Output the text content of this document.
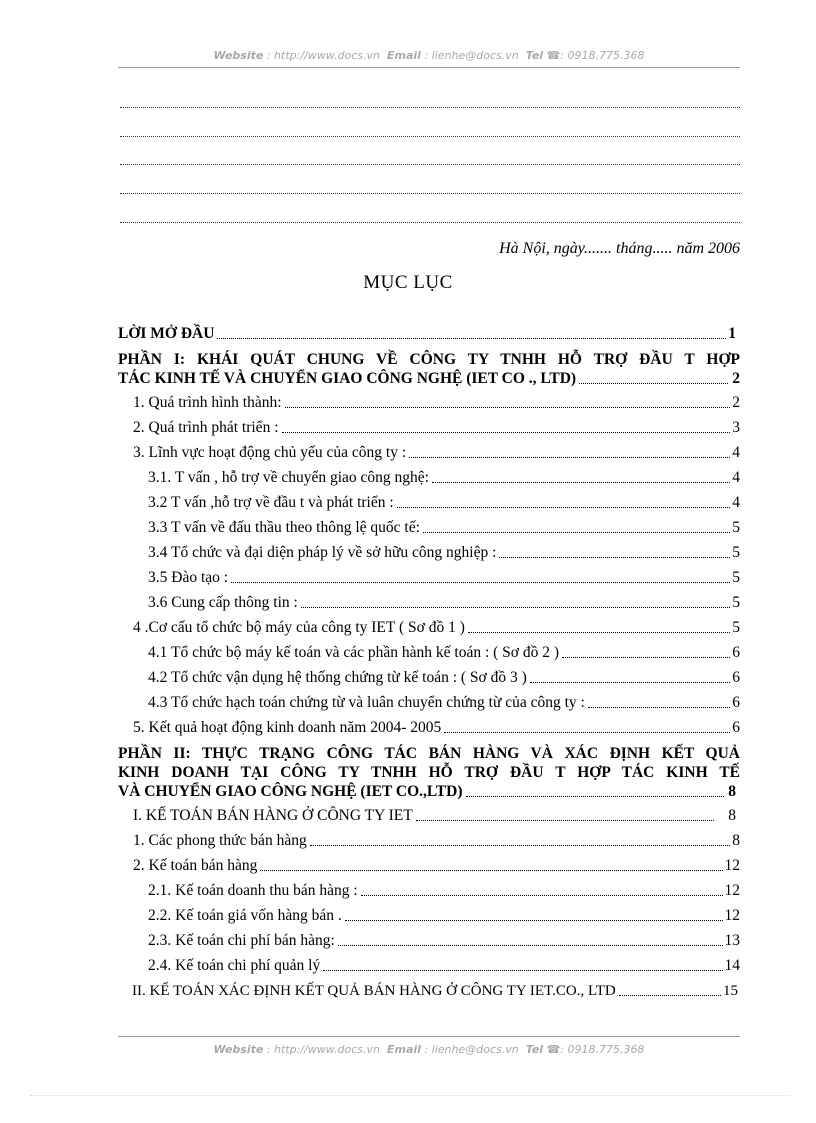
Website : http://www.docs.vn Email : lienhe@docs.vn Tel ☎: 0918.775.368
Hà Nội, ngày....... tháng..... năm 2006
MỤC LỤC
LỜI MỞ ĐẦU	1
PHẦN I: KHÁI QUÁT CHUNG VỀ CÔNG TY TNHH HỖ TRỢ ĐẦU T HỢP
TÁC KINH TẾ VÀ CHUYỂN GIAO CÔNG NGHỆ (IET CO ., LTD)	2
1. Quá trình hình thành:	2
2. Quá trình phát triển :	3
3. Lĩnh vực hoạt động chủ yếu của công ty :	4
3.1. T vấn , hỗ trợ về chuyển giao công nghệ:	4
3.2 T vấn ,hỗ trợ về đầu t và phát triển :	4
3.3 T vấn về đấu thầu theo thông lệ quốc tế:	5
3.4 Tổ chức và đại diện pháp lý về sở hữu công nghiệp :	5
3.5 Đào tạo :	5
3.6 Cung cấp thông tin :	5
4 .Cơ cấu tổ chức bộ máy của công ty IET ( Sơ đồ 1 )	5
4.1 Tổ chức bộ máy kế toán và các phần hành kế toán : ( Sơ đồ 2 )	6
4.2 Tổ chức vận dụng hệ thống chứng từ kế toán : ( Sơ đồ 3 )	6
4.3 Tổ chức hạch toán chứng từ và luân chuyển chứng từ của công ty :	6
5. Kết quả hoạt động kinh doanh năm 2004- 2005	6
PHẦN II: THỰC TRẠNG CÔNG TÁC BÁN HÀNG VÀ XÁC ĐỊNH KẾT QUẢ
KINH DOANH TẠI CÔNG TY TNHH HỖ TRỢ ĐẦU T HỢP TÁC KINH TẾ
VÀ CHUYỂN GIAO CÔNG NGHỆ (IET CO.,LTD)	8
I. KẾ TOÁN BÁN HÀNG Ở CÔNG TY IET	8
1. Các phong thức bán hàng	8
2. Kế toán bán hàng	12
2.1. Kế toán doanh thu bán hàng :	12
2.2. Kế toán giá vốn hàng bán .	12
2.3. Kế toán chi phí bán hàng:	13
2.4. Kế toán chi phí quản lý	14
II. KẾ TOÁN XÁC ĐỊNH KẾT QUẢ BÁN HÀNG Ở CÔNG TY IET.CO., LTD	15
Website : http://www.docs.vn Email : lienhe@docs.vn Tel ☎: 0918.775.368
